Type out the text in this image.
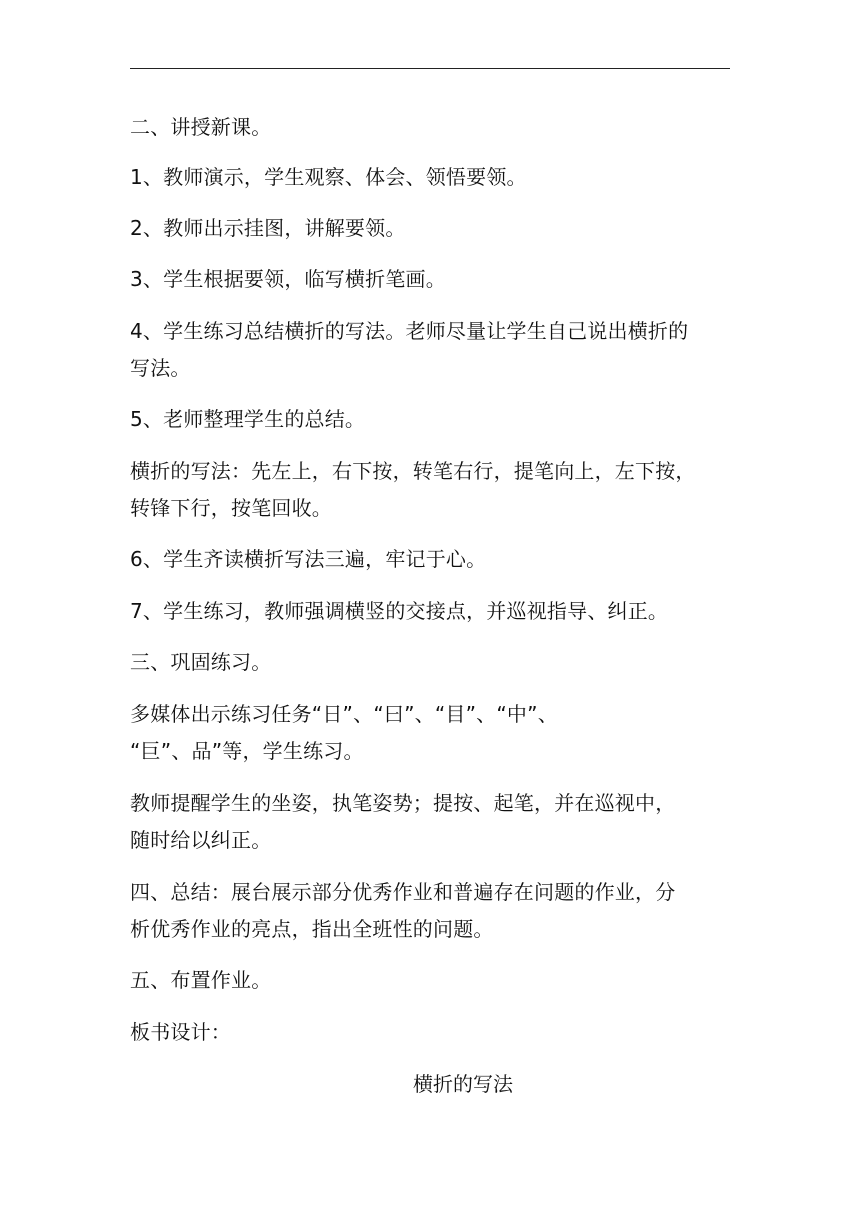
二、讲授新课。
1、教师演示，学生观察、体会、领悟要领。
2、教师出示挂图，讲解要领。
3、学生根据要领，临写横折笔画。
4、学生练习总结横折的写法。老师尽量让学生自己说出横折的
写法。
5、老师整理学生的总结。
横折的写法：先左上，右下按，转笔右行，提笔向上，左下按，
转锋下行，按笔回收。
6、学生齐读横折写法三遍，牢记于心。
7、学生练习，教师强调横竖的交接点，并巡视指导、纠正。
三、巩固练习。
多媒体出示练习任务“日”、“曰”、“目”、“中”、
“巨”、品”等，学生练习。
教师提醒学生的坐姿，执笔姿势；提按、起笔，并在巡视中，
随时给以纠正。
四、总结：展台展示部分优秀作业和普遍存在问题的作业，分
析优秀作业的亮点，指出全班性的问题。
五、布置作业。
板书设计：
横折的写法
